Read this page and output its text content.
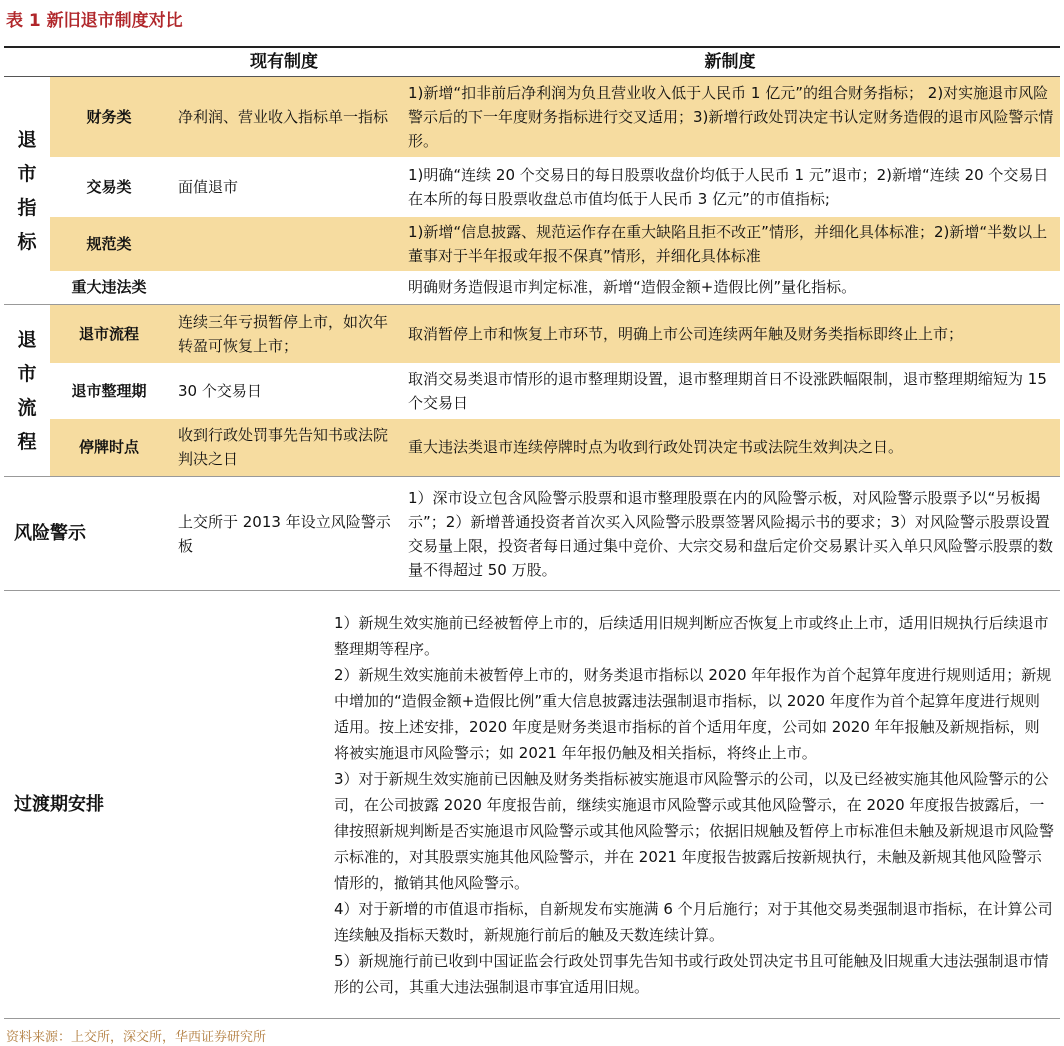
表 1 新旧退市制度对比
		现有制度	新制度
退
市
指
标	财务类	净利润、营业收入指标单一指标	1)新增“扣非前后净利润为负且营业收入低于人民币 1 亿元”的组合财务指标； 2)对实施退市风险警示后的下一年度财务指标进行交叉适用；3)新增行政处罚决定书认定财务造假的退市风险警示情形。
	交易类	面值退市	1)明确“连续 20 个交易日的每日股票收盘价均低于人民币 1 元”退市；2)新增“连续 20 个交易日在本所的每日股票收盘总市值均低于人民币 3 亿元”的市值指标;
	规范类		1)新增“信息披露、规范运作存在重大缺陷且拒不改正”情形，并细化具体标准；2)新增“半数以上董事对于半年报或年报不保真”情形，并细化具体标准
	重大违法类		明确财务造假退市判定标准，新增“造假金额+造假比例”量化指标。
退
市
流
程	退市流程	连续三年亏损暂停上市，如次年转盈可恢复上市；	取消暂停上市和恢复上市环节，明确上市公司连续两年触及财务类指标即终止上市；
	退市整理期	30 个交易日	取消交易类退市情形的退市整理期设置，退市整理期首日不设涨跌幅限制，退市整理期缩短为 15 个交易日
	停牌时点	收到行政处罚事先告知书或法院判决之日	重大违法类退市连续停牌时点为收到行政处罚决定书或法院生效判决之日。
风险警示		上交所于 2013 年设立风险警示板	1）深市设立包含风险警示股票和退市整理股票在内的风险警示板，对风险警示股票予以“另板揭示”；2）新增普通投资者首次买入风险警示股票签署风险揭示书的要求；3）对风险警示股票设置交易量上限，投资者每日通过集中竞价、大宗交易和盘后定价交易累计买入单只风险警示股票的数量不得超过 50 万股。
过渡期安排		1）新规生效实施前已经被暂停上市的，后续适用旧规判断应否恢复上市或终止上市，适用旧规执行后续退市整理期等程序。

2）新规生效实施前未被暂停上市的，财务类退市指标以 2020 年年报作为首个起算年度进行规则适用；新规中增加的“造假金额+造假比例”重大信息披露违法强制退市指标，以 2020 年度作为首个起算年度进行规则适用。按上述安排，2020 年度是财务类退市指标的首个适用年度，公司如 2020 年年报触及新规指标，则将被实施退市风险警示；如 2021 年年报仍触及相关指标，将终止上市。

3）对于新规生效实施前已因触及财务类指标被实施退市风险警示的公司，以及已经被实施其他风险警示的公司，在公司披露 2020 年度报告前，继续实施退市风险警示或其他风险警示，在 2020 年度报告披露后，一律按照新规判断是否实施退市风险警示或其他风险警示；依据旧规触及暂停上市标准但未触及新规退市风险警示标准的，对其股票实施其他风险警示，并在 2021 年度报告披露后按新规执行，未触及新规其他风险警示情形的，撤销其他风险警示。

4）对于新增的市值退市指标，自新规发布实施满 6 个月后施行；对于其他交易类强制退市指标，在计算公司连续触及指标天数时，新规施行前后的触及天数连续计算。

5）新规施行前已收到中国证监会行政处罚事先告知书或行政处罚决定书且可能触及旧规重大违法强制退市情形的公司，其重大违法强制退市事宜适用旧规。	

资料来源：上交所，深交所，华西证券研究所
